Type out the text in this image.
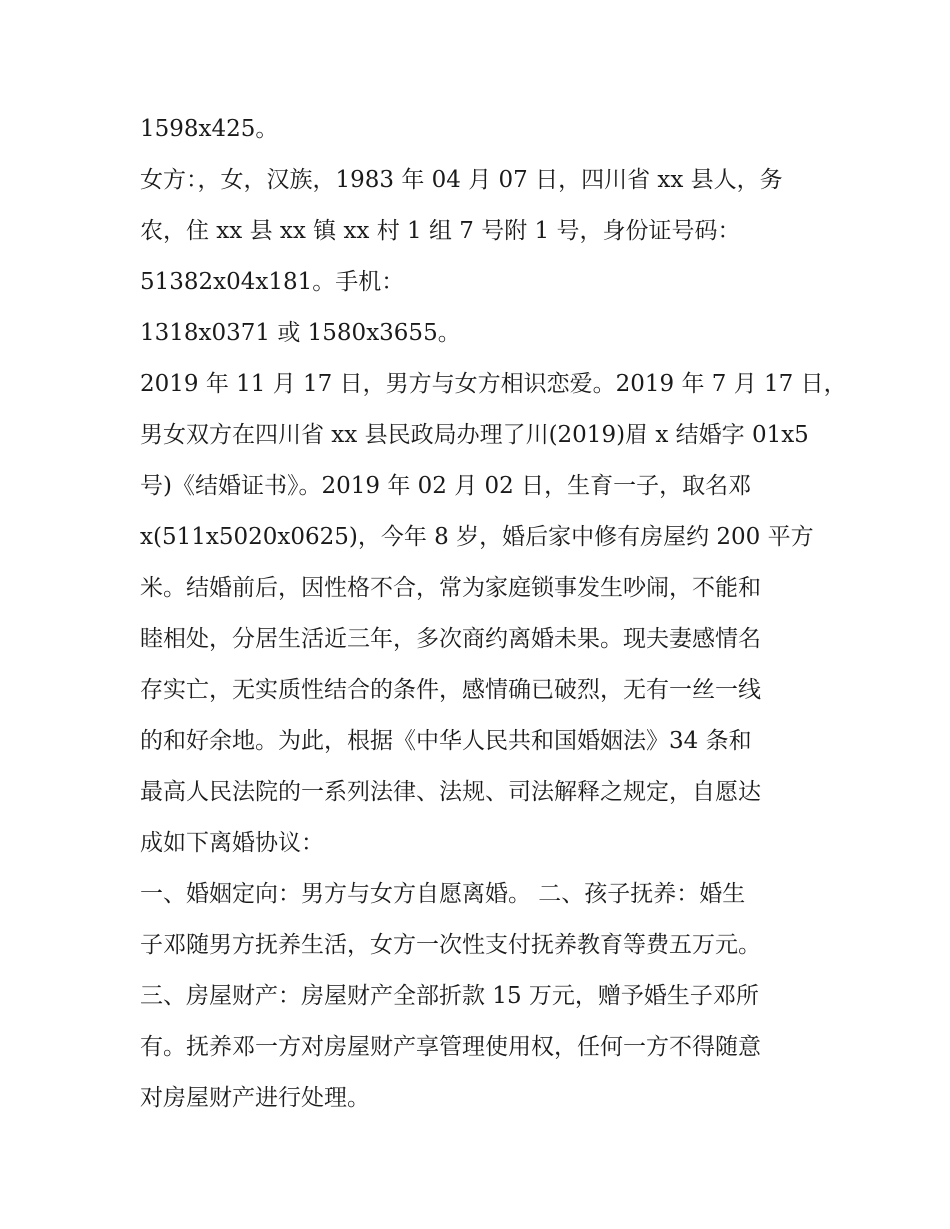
1598x425。
女方：，女，汉族，1983 年 04 月 07 日，四川省 xx 县人，务
农，住 xx 县 xx 镇 xx 村 1 组 7 号附 1 号，身份证号码：
51382x04x181。手机：
1318x0371 或 1580x3655。
2019 年 11 月 17 日，男方与女方相识恋爱。2019 年 7 月 17 日，
男女双方在四川省 xx 县民政局办理了川(2019)眉 x 结婚字 01x5
号)《结婚证书》。2019 年 02 月 02 日，生育一子，取名邓
x(511x5020x0625)，今年 8 岁，婚后家中修有房屋约 200 平方
米。结婚前后，因性格不合，常为家庭锁事发生吵闹，不能和
睦相处，分居生活近三年，多次商约离婚未果。现夫妻感情名
存实亡，无实质性结合的条件，感情确已破烈，无有一丝一线
的和好余地。为此，根据《中华人民共和国婚姻法》34 条和
最高人民法院的一系列法律、法规、司法解释之规定，自愿达
成如下离婚协议：
一、婚姻定向：男方与女方自愿离婚。 二、孩子抚养：婚生
子邓随男方抚养生活，女方一次性支付抚养教育等费五万元。
三、房屋财产：房屋财产全部折款 15 万元，赠予婚生子邓所
有。抚养邓一方对房屋财产享管理使用权，任何一方不得随意
对房屋财产进行处理。
